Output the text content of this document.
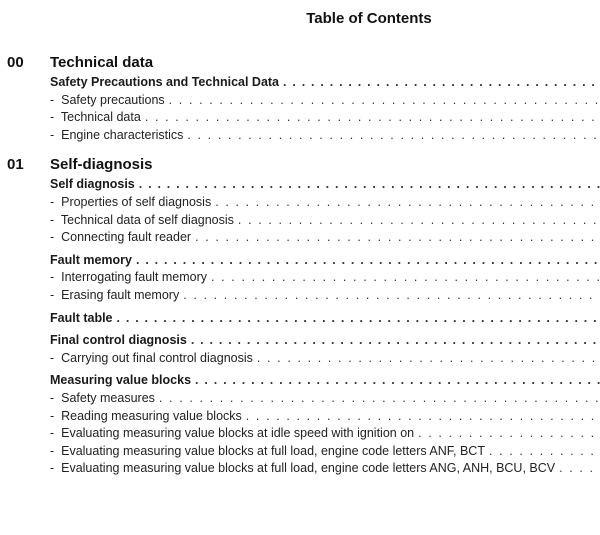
Table of Contents
00 Technical data
Safety Precautions and Technical Data
. . .
- Safety precautions
. . .
- Technical data
. . .
- Engine characteristics
. . .
01 Self-diagnosis
Self diagnosis
. . .
- Properties of self diagnosis
. . .
- Technical data of self diagnosis
. . .
- Connecting fault reader
. . .
Fault memory
. . .
- Interrogating fault memory
. . .
- Erasing fault memory
. . .
Fault table
. . .
Final control diagnosis
. . .
- Carrying out final control diagnosis
. . .
Measuring value blocks
. . .
- Safety measures
. . .
- Reading measuring value blocks
. . .
- Evaluating measuring value blocks at idle speed with ignition on
. . .
- Evaluating measuring value blocks at full load, engine code letters ANF, BCT
. . .
- Evaluating measuring value blocks at full load, engine code letters ANG, ANH, BCU, BCV
. . .
